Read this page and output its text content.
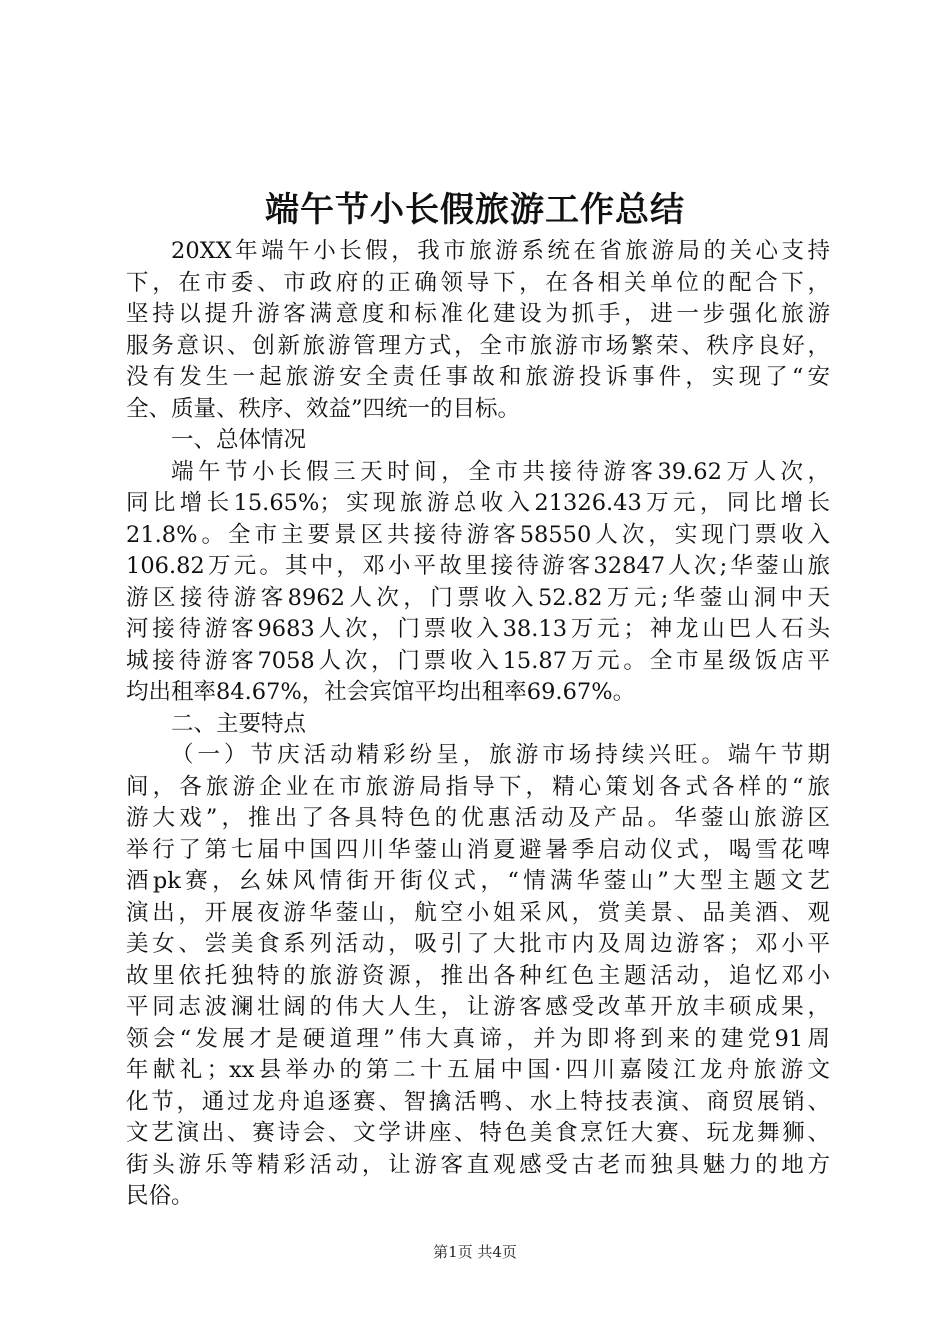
端午节小长假旅游工作总结
20XX年端午小长假，我市旅游系统在省旅游局的关心支持
下，在市委、市政府的正确领导下，在各相关单位的配合下，
坚持以提升游客满意度和标准化建设为抓手，进一步强化旅游
服务意识、创新旅游管理方式，全市旅游市场繁荣、秩序良好，
没有发生一起旅游安全责任事故和旅游投诉事件，实现了“安
全、质量、秩序、效益”四统一的目标。
一、总体情况
端午节小长假三天时间，全市共接待游客39.62万人次，
同比增长15.65%；实现旅游总收入21326.43万元，同比增长
21.8%。全市主要景区共接待游客58550人次，实现门票收入
106.82万元。其中，邓小平故里接待游客32847人次;华蓥山旅
游区接待游客8962人次，门票收入52.82万元;华蓥山洞中天
河接待游客9683人次，门票收入38.13万元；神龙山巴人石头
城接待游客7058人次，门票收入15.87万元。全市星级饭店平
均出租率84.67%，社会宾馆平均出租率69.67%。
二、主要特点
（一）节庆活动精彩纷呈，旅游市场持续兴旺。端午节期
间，各旅游企业在市旅游局指导下，精心策划各式各样的“旅
游大戏”，推出了各具特色的优惠活动及产品。华蓥山旅游区
举行了第七届中国四川华蓥山消夏避暑季启动仪式，喝雪花啤
酒pk赛，幺妹风情街开街仪式，“情满华蓥山”大型主题文艺
演出，开展夜游华蓥山，航空小姐采风，赏美景、品美酒、观
美女、尝美食系列活动，吸引了大批市内及周边游客；邓小平
故里依托独特的旅游资源，推出各种红色主题活动，追忆邓小
平同志波澜壮阔的伟大人生，让游客感受改革开放丰硕成果，
领会“发展才是硬道理”伟大真谛，并为即将到来的建党91周
年献礼；xx县举办的第二十五届中国·四川嘉陵江龙舟旅游文
化节，通过龙舟追逐赛、智擒活鸭、水上特技表演、商贸展销、
文艺演出、赛诗会、文学讲座、特色美食烹饪大赛、玩龙舞狮、
街头游乐等精彩活动，让游客直观感受古老而独具魅力的地方
民俗。
第1页 共4页
